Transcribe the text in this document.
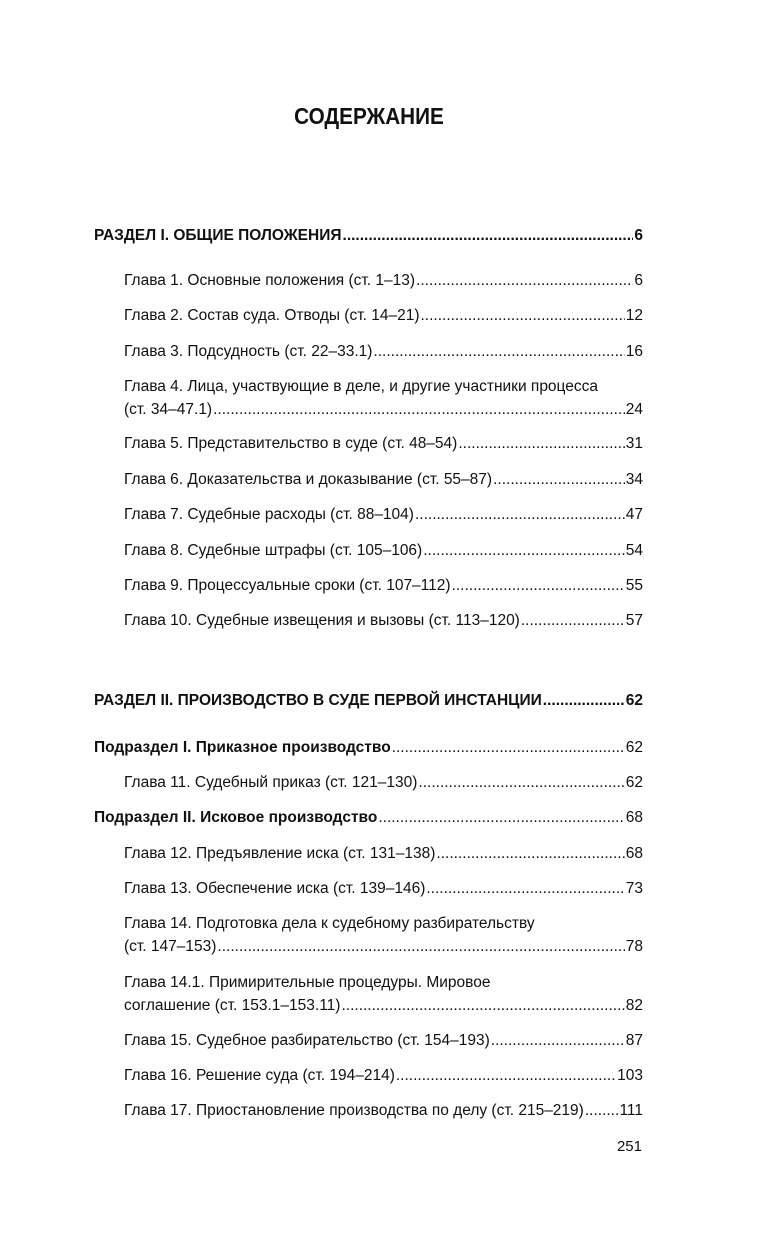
СОДЕРЖАНИЕ
РАЗДЕЛ I. ОБЩИЕ ПОЛОЖЕНИЯ .....	6
Глава 1. Основные положения (ст. 1–13) .....	6
Глава 2. Состав суда. Отводы (ст. 14–21) .....	12
Глава 3. Подсудность (ст. 22–33.1) .....	16
Глава 4. Лица, участвующие в деле, и другие участники процесса
(ст. 34–47.1) .....	24
Глава 5. Представительство в суде (ст. 48–54) .....	31
Глава 6. Доказательства и доказывание (ст. 55–87) .....	34
Глава 7. Судебные расходы (ст. 88–104) .....	47
Глава 8. Судебные штрафы (ст. 105–106) .....	54
Глава 9. Процессуальные сроки (ст. 107–112) .....	55
Глава 10. Судебные извещения и вызовы (ст. 113–120) .....	57
РАЗДЕЛ II. ПРОИЗВОДСТВО В СУДЕ ПЕРВОЙ ИНСТАНЦИИ .....	62
Подраздел I. Приказное производство .....	62
Глава 11. Судебный приказ (ст. 121–130) .....	62
Подраздел II. Исковое производство .....	68
Глава 12. Предъявление иска (ст. 131–138) .....	68
Глава 13. Обеспечение иска (ст. 139–146) .....	73
Глава 14. Подготовка дела к судебному разбирательству
(ст. 147–153) .....	78
Глава 14.1. Примирительные процедуры. Мировое
соглашение (ст. 153.1–153.11) .....	82
Глава 15. Судебное разбирательство (ст. 154–193) .....	87
Глава 16. Решение суда (ст. 194–214) .....	103
Глава 17. Приостановление производства по делу (ст. 215–219) ..... 111
251
